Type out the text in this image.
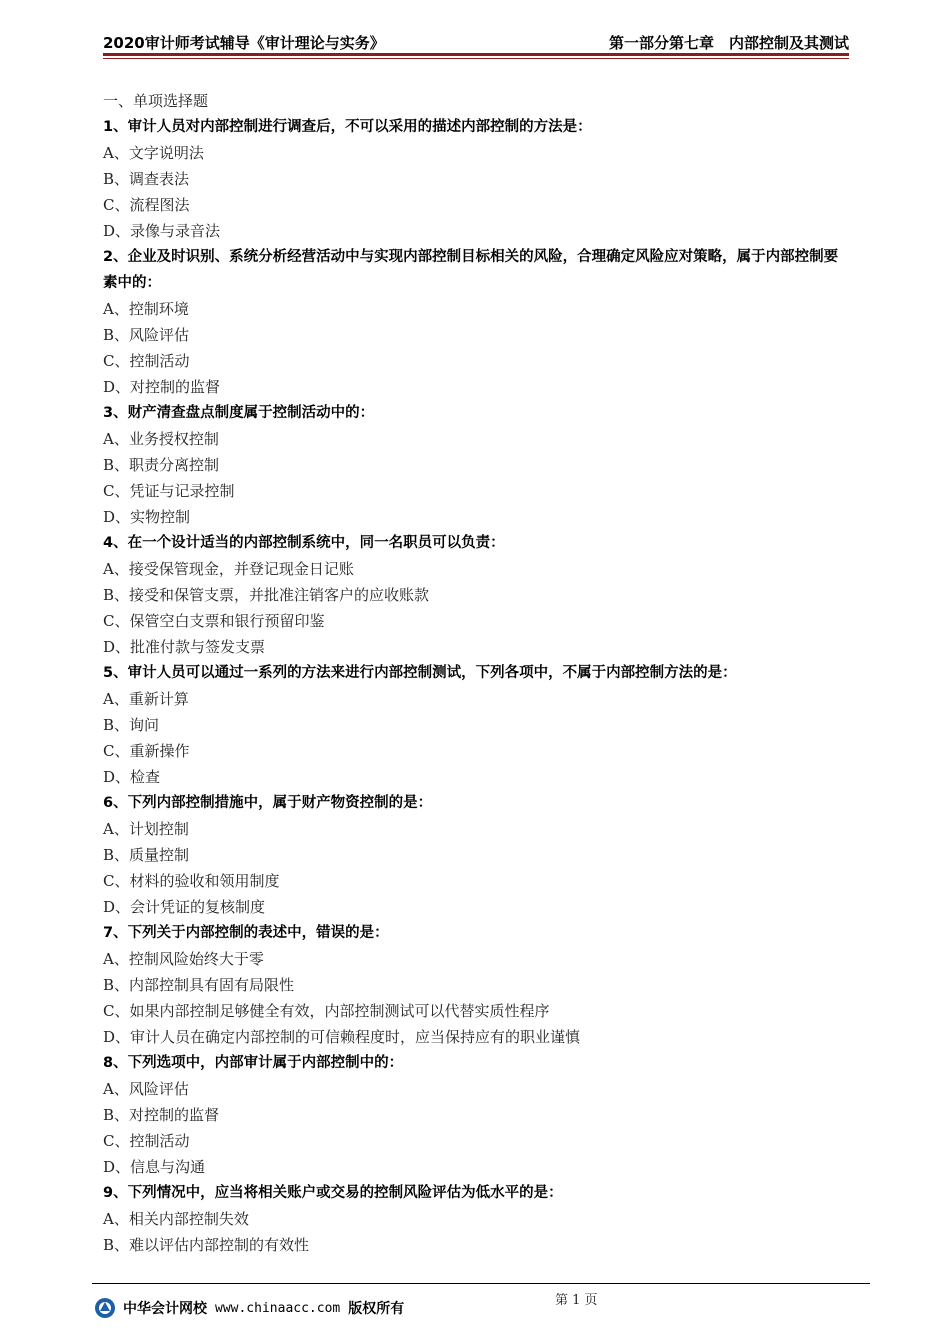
2020审计师考试辅导《审计理论与实务》	第一部分第七章　内部控制及其测试
一、单项选择题
1、审计人员对内部控制进行调查后，不可以采用的描述内部控制的方法是：
A、文字说明法
B、调查表法
C、流程图法
D、录像与录音法
2、企业及时识别、系统分析经营活动中与实现内部控制目标相关的风险，合理确定风险应对策略，属于内部控制要素中的：
A、控制环境
B、风险评估
C、控制活动
D、对控制的监督
3、财产清查盘点制度属于控制活动中的：
A、业务授权控制
B、职责分离控制
C、凭证与记录控制
D、实物控制
4、在一个设计适当的内部控制系统中，同一名职员可以负责：
A、接受保管现金，并登记现金日记账
B、接受和保管支票，并批准注销客户的应收账款
C、保管空白支票和银行预留印鉴
D、批准付款与签发支票
5、审计人员可以通过一系列的方法来进行内部控制测试，下列各项中，不属于内部控制方法的是：
A、重新计算
B、询问
C、重新操作
D、检查
6、下列内部控制措施中，属于财产物资控制的是：
A、计划控制
B、质量控制
C、材料的验收和领用制度
D、会计凭证的复核制度
7、下列关于内部控制的表述中，错误的是：
A、控制风险始终大于零
B、内部控制具有固有局限性
C、如果内部控制足够健全有效，内部控制测试可以代替实质性程序
D、审计人员在确定内部控制的可信赖程度时，应当保持应有的职业谨慎
8、下列选项中，内部审计属于内部控制中的：
A、风险评估
B、对控制的监督
C、控制活动
D、信息与沟通
9、下列情况中，应当将相关账户或交易的控制风险评估为低水平的是：
A、相关内部控制失效
B、难以评估内部控制的有效性
第 1 页
中华会计网校 www.chinaacc.com 版权所有
